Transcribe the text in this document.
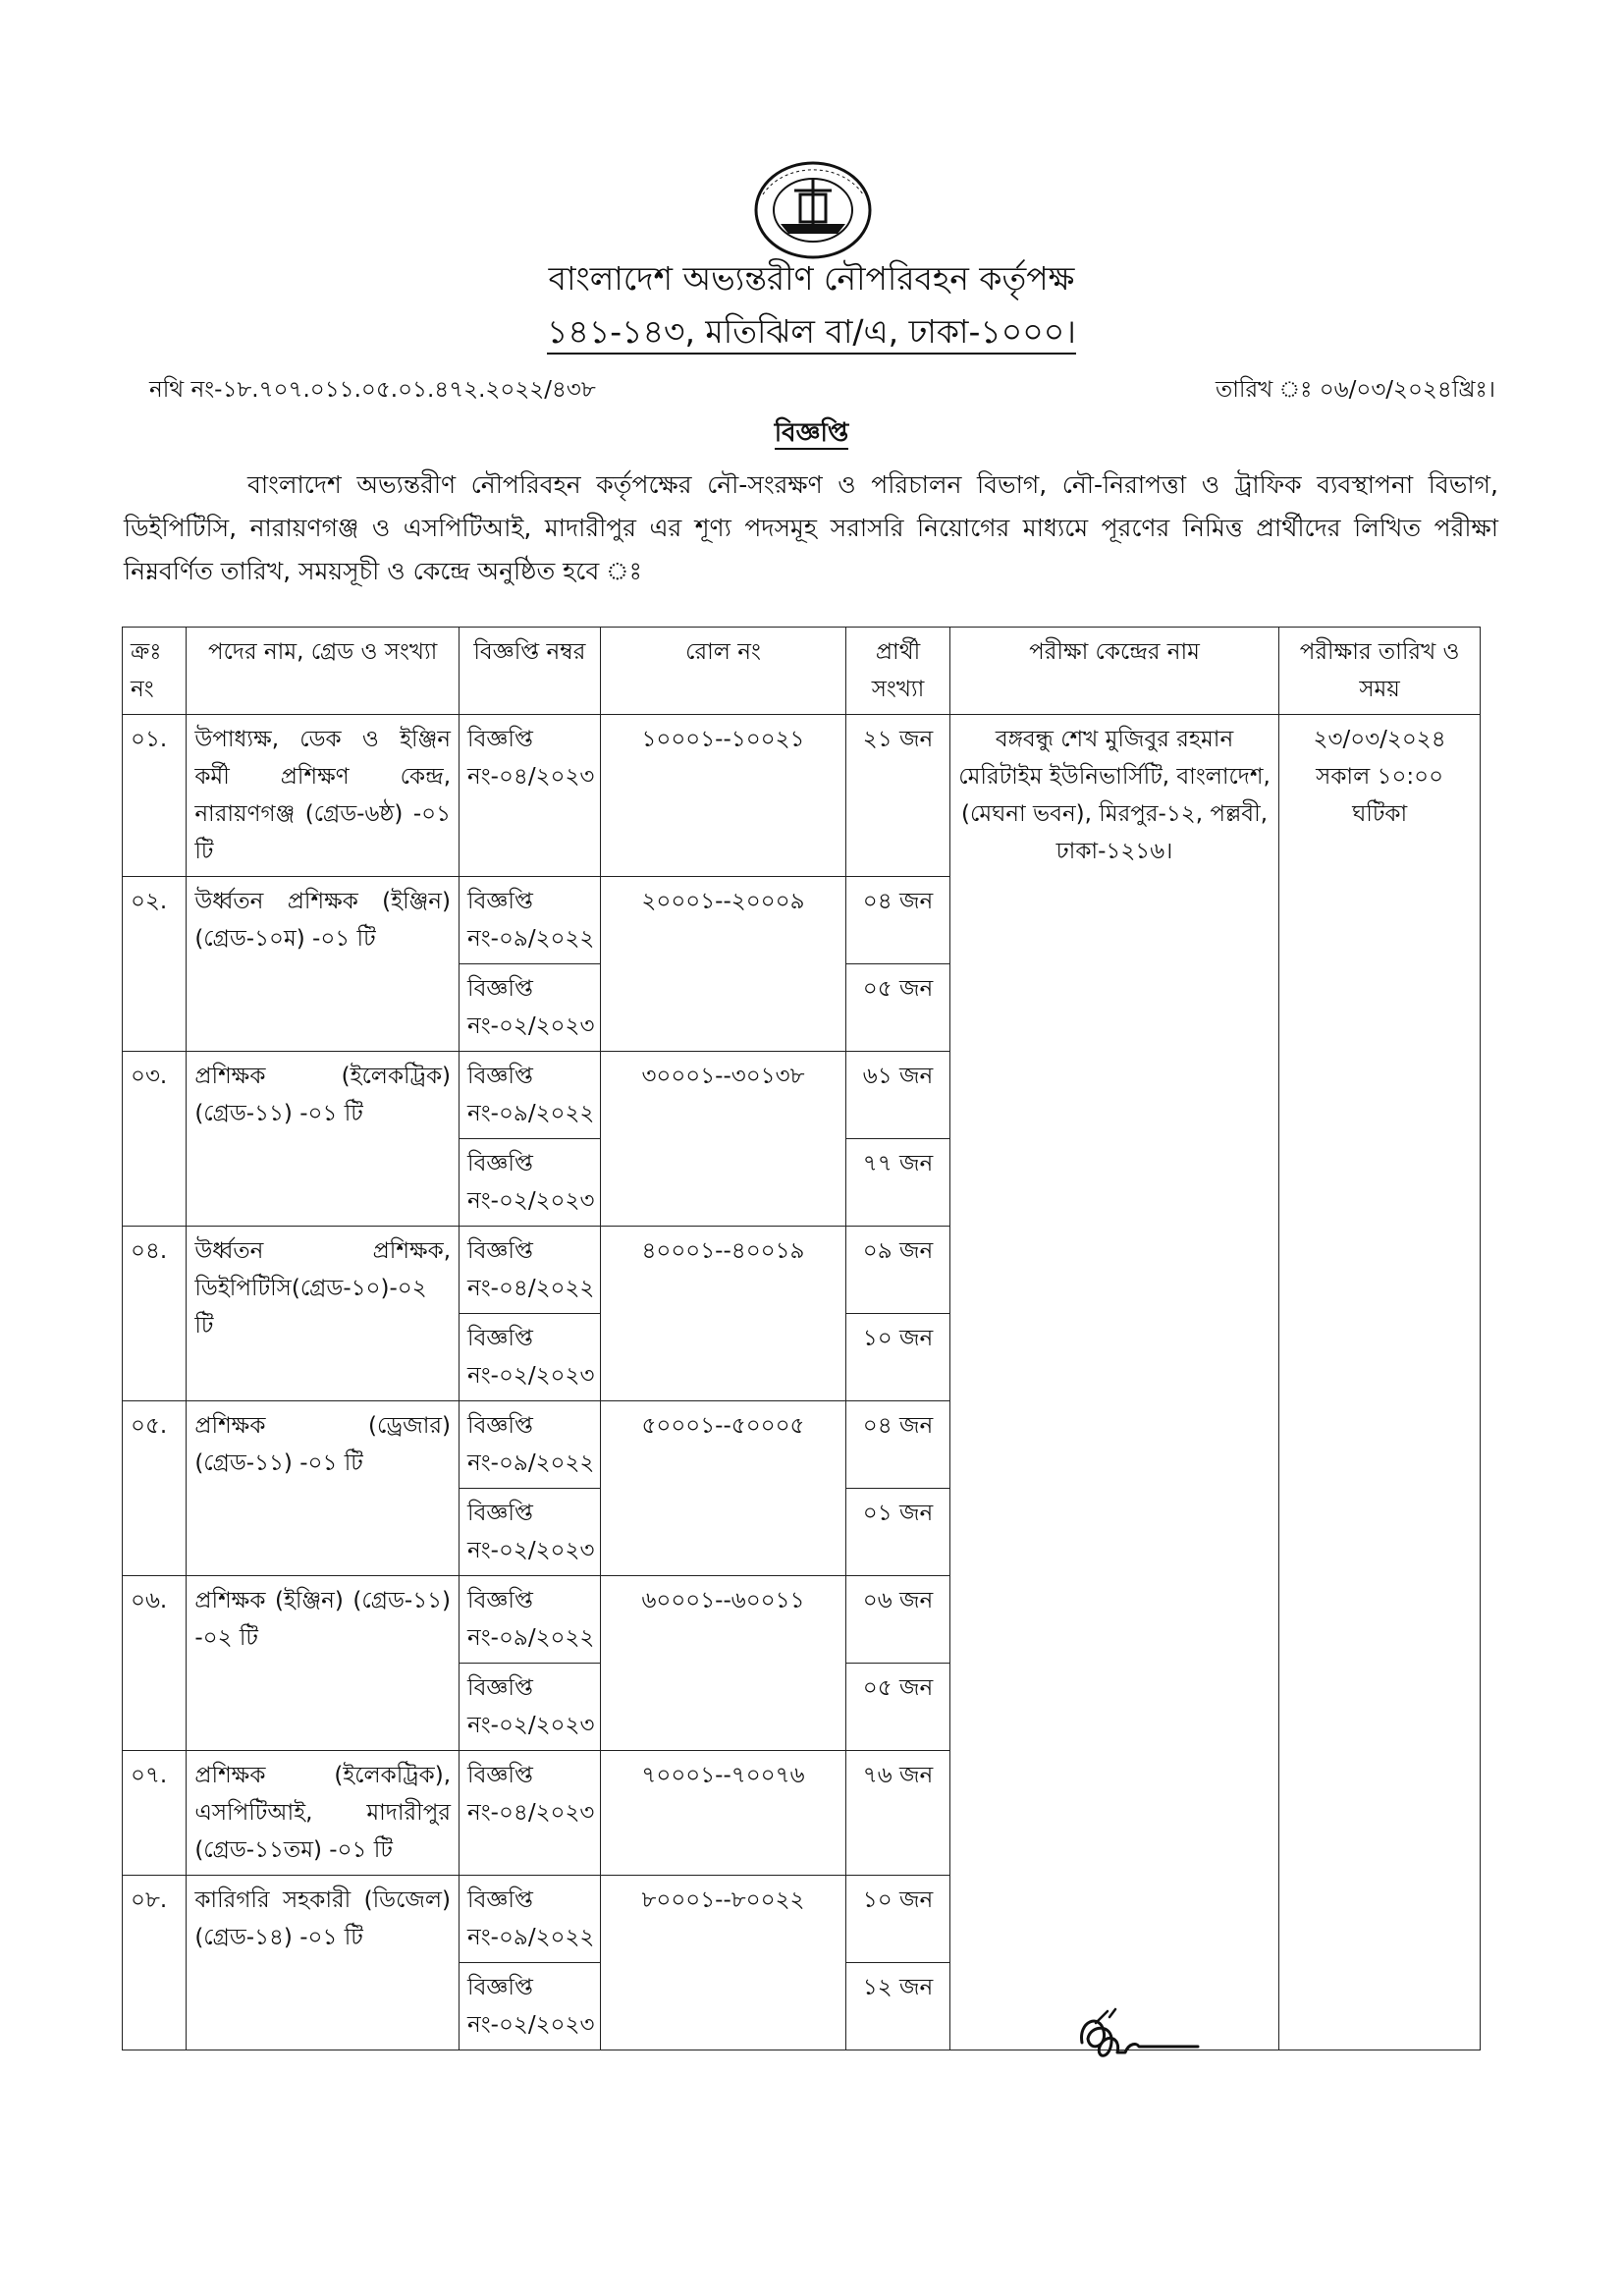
বাংলাদেশ অভ্যন্তরীণ নৌপরিবহন কর্তৃপক্ষ
১৪১-১৪৩, মতিঝিল বা/এ, ঢাকা-১০০০।
নথি নং-১৮.৭০৭.০১১.০৫.০১.৪৭২.২০২২/৪৩৮	তারিখ ঃ ০৬/০৩/২০২৪খ্রিঃ।
বিজ্ঞপ্তি
বাংলাদেশ অভ্যন্তরীণ নৌপরিবহন কর্তৃপক্ষের নৌ-সংরক্ষণ ও পরিচালন বিভাগ, নৌ-নিরাপত্তা ও ট্রাফিক ব্যবস্থাপনা বিভাগ, ডিইপিটিসি, নারায়ণগঞ্জ ও এসপিটিআই, মাদারীপুর এর শূণ্য পদসমূহ সরাসরি নিয়োগের মাধ্যমে পূরণের নিমিত্ত প্রার্থীদের লিখিত পরীক্ষা নিম্নবর্ণিত তারিখ, সময়সূচী ও কেন্দ্রে অনুষ্ঠিত হবে ঃ
ক্রঃ নং	পদের নাম, গ্রেড ও সংখ্যা	বিজ্ঞপ্তি নম্বর	রোল নং	প্রার্থী সংখ্যা	পরীক্ষা কেন্দ্রের নাম	পরীক্ষার তারিখ ও সময়
০১.	উপাধ্যক্ষ, ডেক ও ইঞ্জিন কর্মী প্রশিক্ষণ কেন্দ্র, নারায়ণগঞ্জ (গ্রেড-৬ষ্ঠ) -০১ টি	বিজ্ঞপ্তি নং-০৪/২০২৩	১০০০১--১০০২১	২১ জন	বঙ্গবন্ধু শেখ মুজিবুর রহমান মেরিটাইম ইউনিভার্সিটি, বাংলাদেশ, (মেঘনা ভবন), মিরপুর-১২, পল্লবী, ঢাকা-১২১৬।	২৩/০৩/২০২৪
সকাল ১০:০০ ঘটিকা

০২.	উর্ধ্বতন প্রশিক্ষক (ইঞ্জিন) (গ্রেড-১০ম) -০১ টি	বিজ্ঞপ্তি নং-০৯/২০২২	২০০০১--২০০০৯	০৪ জন		
		বিজ্ঞপ্তি নং-০২/২০২৩		০৫ জন		
০৩.	প্রশিক্ষক (ইলেকট্রিক) (গ্রেড-১১) -০১ টি	বিজ্ঞপ্তি নং-০৯/২০২২	৩০০০১--৩০১৩৮	৬১ জন		
		বিজ্ঞপ্তি নং-০২/২০২৩		৭৭ জন		
০৪.	উর্ধ্বতন প্রশিক্ষক, ডিইপিটিসি(গ্রেড-১০)-০২ টি	বিজ্ঞপ্তি নং-০৪/২০২২	৪০০০১--৪০০১৯	০৯ জন		
		বিজ্ঞপ্তি নং-০২/২০২৩		১০ জন		
০৫.	প্রশিক্ষক (ড্রেজার) (গ্রেড-১১) -০১ টি	বিজ্ঞপ্তি নং-০৯/২০২২	৫০০০১--৫০০০৫	০৪ জন		
		বিজ্ঞপ্তি নং-০২/২০২৩		০১ জন		
০৬.	প্রশিক্ষক (ইঞ্জিন) (গ্রেড-১১) -০২ টি	বিজ্ঞপ্তি নং-০৯/২০২২	৬০০০১--৬০০১১	০৬ জন		
		বিজ্ঞপ্তি নং-০২/২০২৩		০৫ জন		
০৭.	প্রশিক্ষক (ইলেকট্রিক), এসপিটিআই, মাদারীপুর (গ্রেড-১১তম) -০১ টি	বিজ্ঞপ্তি নং-০৪/২০২৩	৭০০০১--৭০০৭৬	৭৬ জন		
০৮.	কারিগরি সহকারী (ডিজেল) (গ্রেড-১৪) -০১ টি	বিজ্ঞপ্তি নং-০৯/২০২২	৮০০০১--৮০০২২	১০ জন		
		বিজ্ঞপ্তি নং-০২/২০২৩		১২ জন		
